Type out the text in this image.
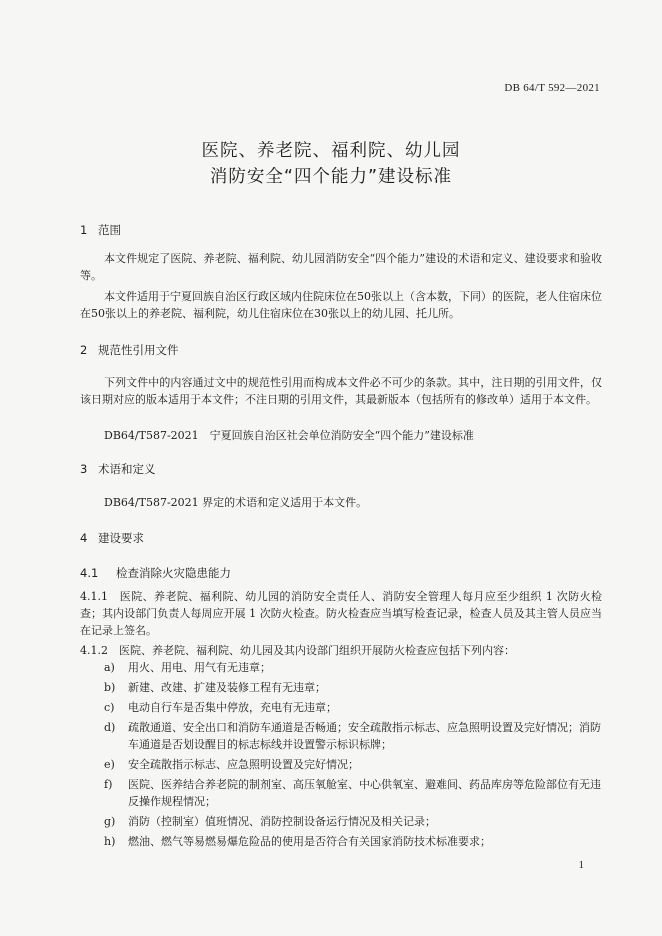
DB 64/T 592—2021
医院、养老院、福利院、幼儿园
消防安全“四个能力”建设标准
1 范围
本文件规定了医院、养老院、福利院、幼儿园消防安全“四个能力”建设的术语和定义、建设要求和验收等。
本文件适用于宁夏回族自治区行政区域内住院床位在50张以上（含本数，下同）的医院，老人住宿床位在50张以上的养老院、福利院，幼儿住宿床位在30张以上的幼儿园、托儿所。
2 规范性引用文件
下列文件中的内容通过文中的规范性引用而构成本文件必不可少的条款。其中，注日期的引用文件，仅该日期对应的版本适用于本文件；不注日期的引用文件，其最新版本（包括所有的修改单）适用于本文件。
DB64/T587-2021　宁夏回族自治区社会单位消防安全“四个能力”建设标准
3 术语和定义
DB64/T587-2021 界定的术语和定义适用于本文件。
4 建设要求
4.1 检查消除火灾隐患能力
4.1.1　医院、养老院、福利院、幼儿园的消防安全责任人、消防安全管理人每月应至少组织 1 次防火检查；其内设部门负责人每周应开展 1 次防火检查。防火检查应当填写检查记录，检查人员及其主管人员应当在记录上签名。
4.1.2　医院、养老院、福利院、幼儿园及其内设部门组织开展防火检查应包括下列内容：
a) 用火、用电、用气有无违章；
b) 新建、改建、扩建及装修工程有无违章；
c) 电动自行车是否集中停放，充电有无违章；
d) 疏散通道、安全出口和消防车通道是否畅通；安全疏散指示标志、应急照明设置及完好情况；消防车通道是否划设醒目的标志标线并设置警示标识标牌；
e) 安全疏散指示标志、应急照明设置及完好情况；
f) 医院、医养结合养老院的制剂室、高压氧舱室、中心供氧室、避难间、药品库房等危险部位有无违反操作规程情况；
g) 消防（控制室）值班情况、消防控制设备运行情况及相关记录；
h) 燃油、燃气等易燃易爆危险品的使用是否符合有关国家消防技术标准要求；
1
